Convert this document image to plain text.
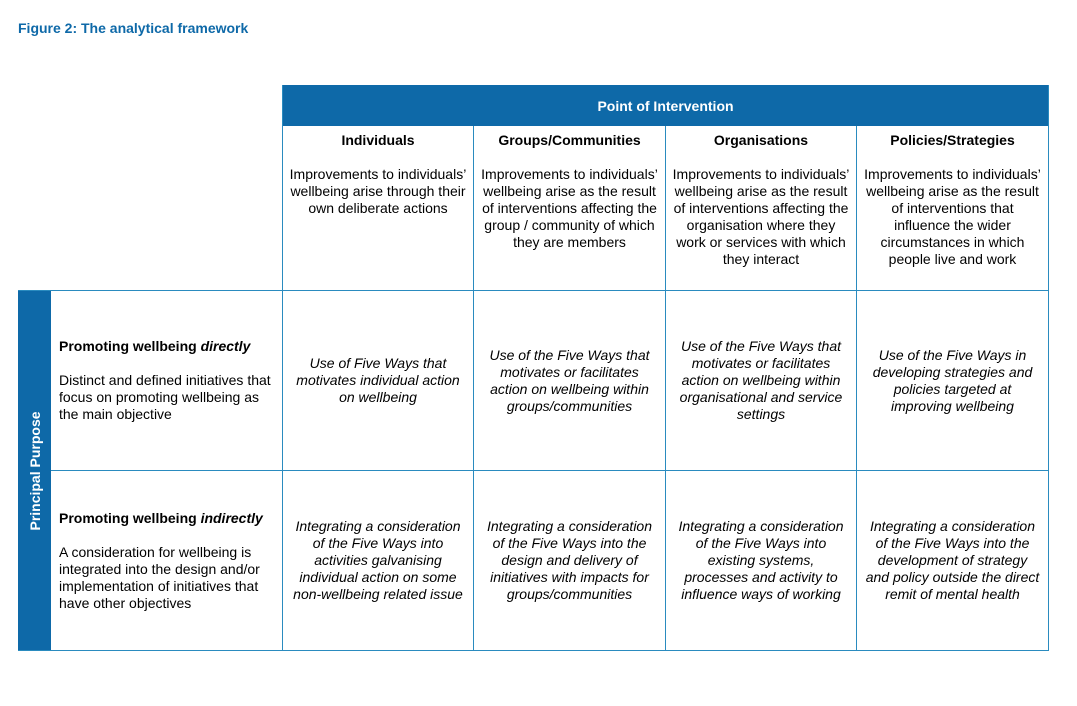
Figure 2: The analytical framework
Point of Intervention
Principal Purpose
Individuals
Improvements to individuals’ wellbeing arise through their own deliberate actions
Groups/Communities
Improvements to individuals’ wellbeing arise as the result of interventions affecting the group / community of which they are members
Organisations
Improvements to individuals’ wellbeing arise as the result of interventions affecting the organisation where they work or services with which they interact
Policies/Strategies
Improvements to individuals’ wellbeing arise as the result of interventions that influence the wider circumstances in which people live and work
Promoting wellbeing directly
Distinct and defined initiatives that focus on promoting wellbeing as the main objective
Use of Five Ways that motivates individual action on wellbeing
Use of the Five Ways that motivates or facilitates action on wellbeing within groups/communities
Use of the Five Ways that motivates or facilitates action on wellbeing within organisational and service settings
Use of the Five Ways in developing strategies and policies targeted at improving wellbeing
Promoting wellbeing indirectly
A consideration for wellbeing is integrated into the design and/or implementation of initiatives that have other objectives
Integrating a consideration of the Five Ways into activities galvanising individual action on some non-wellbeing related issue
Integrating a consideration of the Five Ways into the design and delivery of initiatives with impacts for groups/communities
Integrating a consideration of the Five Ways into existing systems, processes and activity to influence ways of working
Integrating a consideration of the Five Ways into the development of strategy and policy outside the direct remit of mental health
